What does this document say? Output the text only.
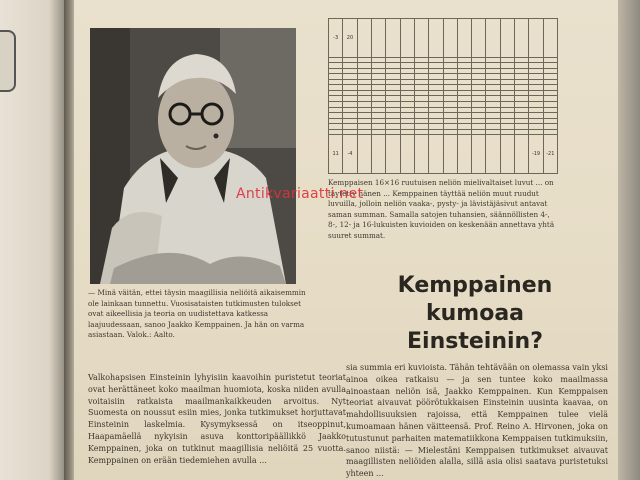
-3	20														

11	-4													-19	-21
Kemppaisen 16×16 ruutuisen neliön mielivaltaiset luvut ... on täytetty hänen ... Kemppainen täyttää neliön muut ruudut luvuilla, jolloin neliön vaaka-, pysty- ja lävistäjäsivut antavat saman summan. Samalla satojen tuhansien, säännöllisten 4-, 8-, 12- ja 16-lukuisten kuvioiden on keskenään annettava yhtä suuret summat.
— Minä väitän, ettei täysin maagillisia neliöitä aikaisemmin ole lainkaan tunnettu. Vuosisataisten tutkimusten tulokset ovat aikeellisia ja teoria on uudistettava katkessa laajuudessaan, sanoo Jaakko Kemppainen. Ja hän on varma asiastaan. Valok.: Aalto.
Kemppainen
kumoaa Einsteinin?

Valkohapsisen Einsteinin lyhyisiin kaavoihin puristetut teoriat ovat herättäneet koko maailman huomiota, koska niiden avulla voitaisiin ratkaista maailmankaikkeuden arvoitus. Nyt Suomesta on noussut esiin mies, jonka tutkimukset horjuttavat Einsteinin laskelmia. Kysymyksessä on itseoppinut, Haapamäellä nykyisin asuva konttoripäällikkö Jaakko Kemppainen, joka on tutkinut maagillisia neliöitä 25 vuotta. Kemppainen on erään tiedemiehen avulla ...

sia summia eri kuvioista. Tähän tehtävään on olemassa vain yksi ainoa oikea ratkaisu — ja sen tuntee koko maailmassa ainoastaan neliön isä, Jaakko Kemppainen. Kun Kemppaisen teoriat aivauvat pöörötukkaisen Einsteinin uusinta kaavaa, on mahdollisuuksien rajoissa, että Kemppainen tulee vielä kumoamaan hänen väitteensä. Prof. Reino A. Hirvonen, joka on tutustunut parhaiten matematiikkona Kemppaisen tutkimuksiin, sanoo niistä: — Mielestäni Kemppaisen tutkimukset aivauvat maagillisten neliöiden alalla, sillä asia olisi saatava puristetuksi yhteen ...

Antikvariaatti.net
